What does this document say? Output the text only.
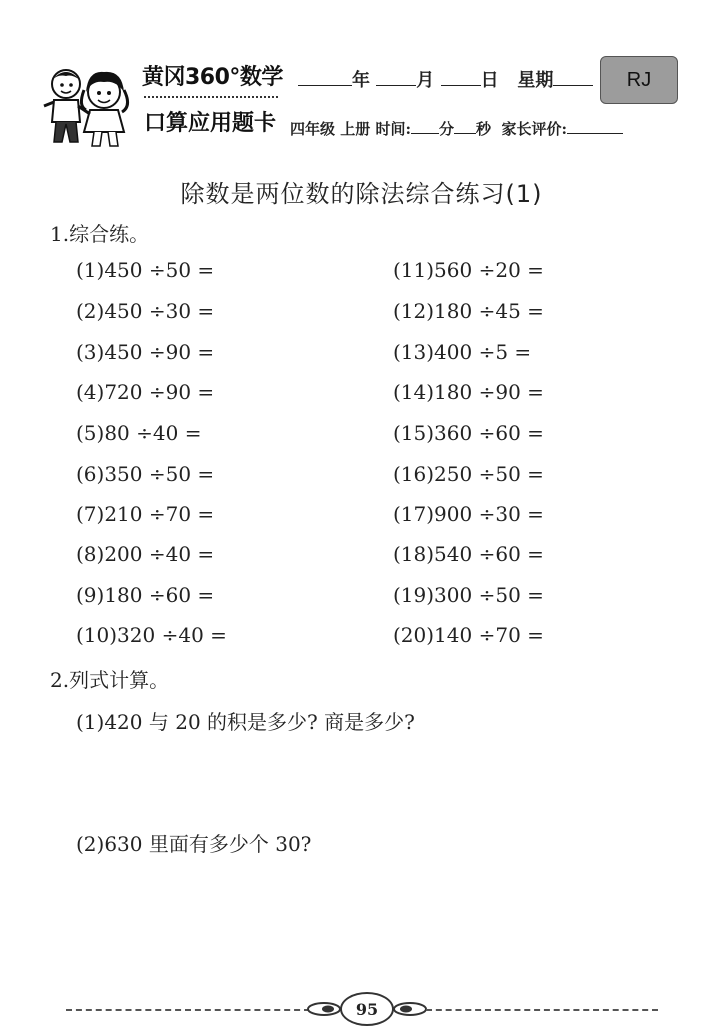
黄冈360°数学
口算应用题卡
年	月	日 星期
四年级 上册 时间: 分 秒 家长评价:
RJ
除数是两位数的除法综合练习(1)
1.综合练。
(1)450 ÷50 =
(2)450 ÷30 =
(3)450 ÷90 =
(4)720 ÷90 =
(5)80 ÷40 =
(6)350 ÷50 =
(7)210 ÷70 =
(8)200 ÷40 =
(9)180 ÷60 =
(10)320 ÷40 =
(11)560 ÷20 =
(12)180 ÷45 =
(13)400 ÷5 =
(14)180 ÷90 =
(15)360 ÷60 =
(16)250 ÷50 =
(17)900 ÷30 =
(18)540 ÷60 =
(19)300 ÷50 =
(20)140 ÷70 =
2.列式计算。
(1)420 与 20 的积是多少? 商是多少?
(2)630 里面有多少个 30?
95
